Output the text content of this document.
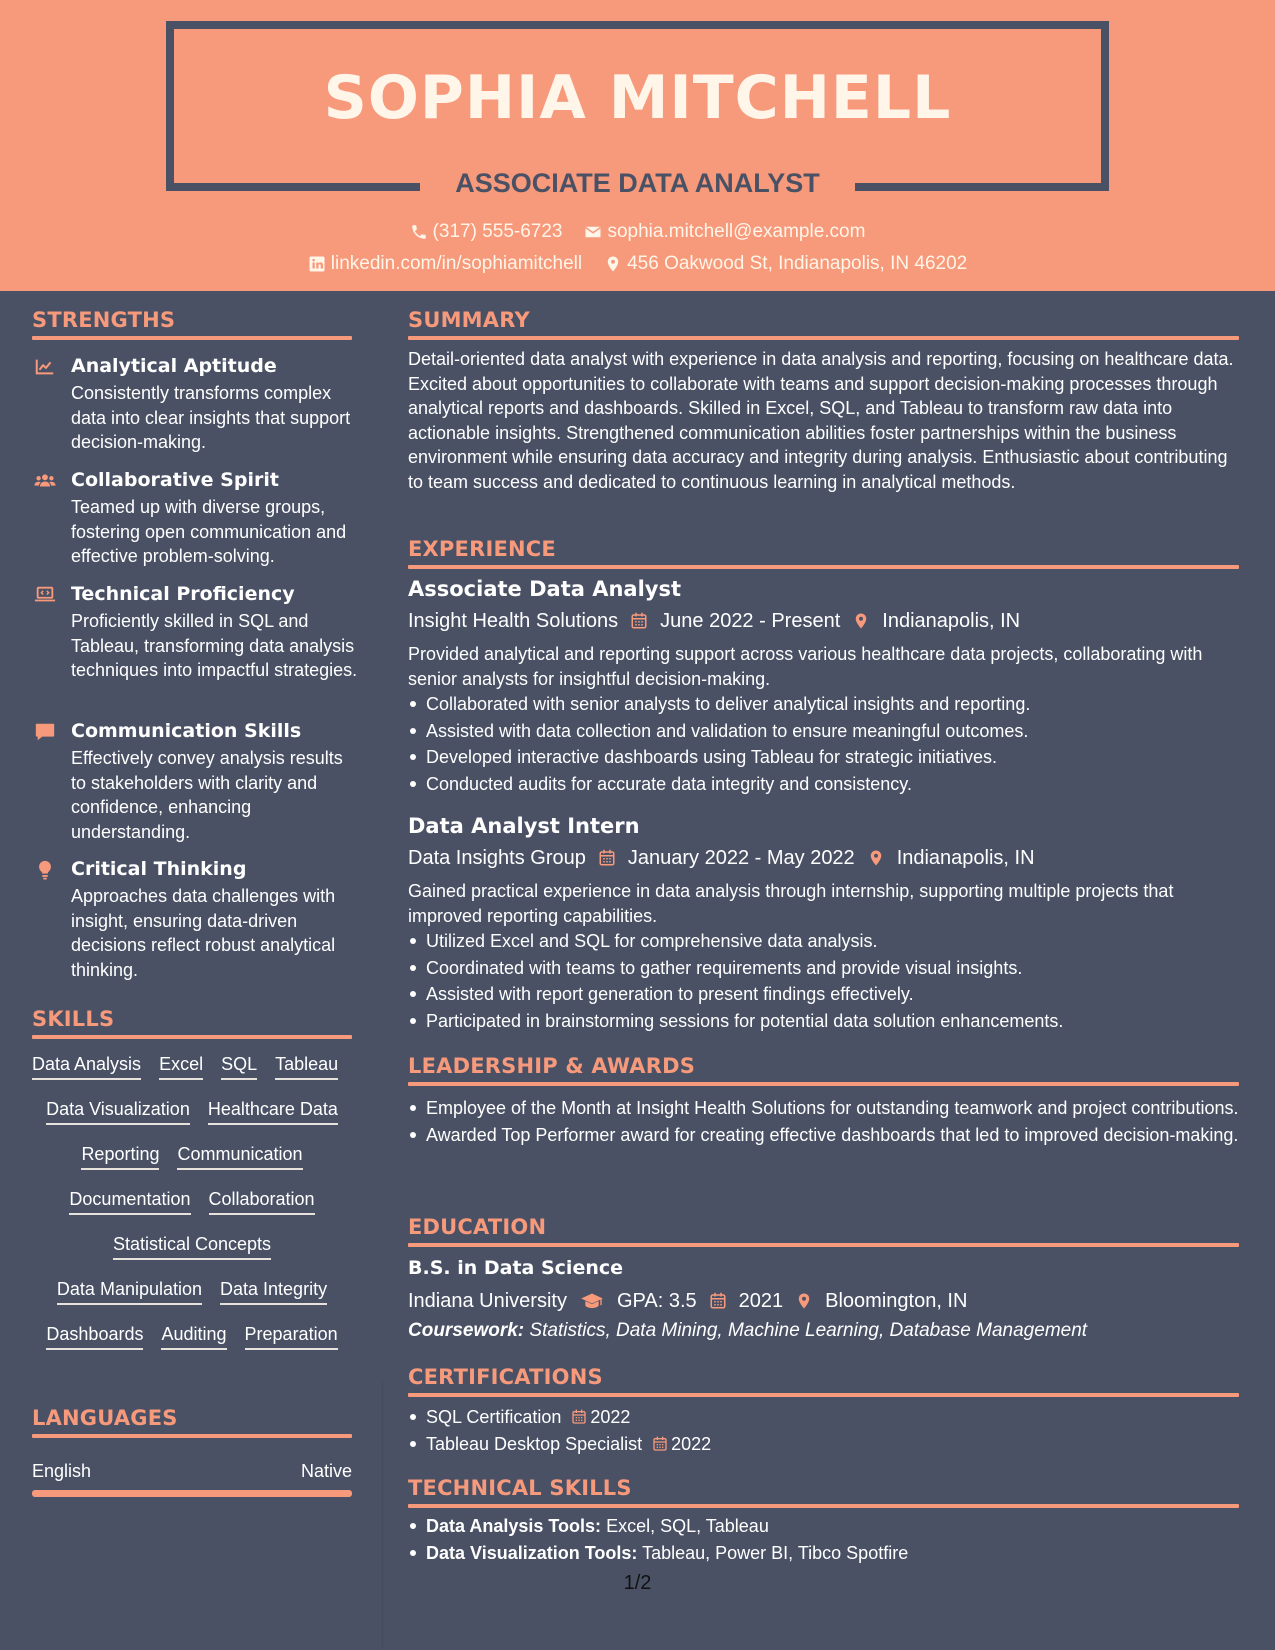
SOPHIA MITCHELL
ASSOCIATE DATA ANALYST
(317) 555-6723 sophia.mitchell@example.com
linkedin.com/in/sophiamitchell 456 Oakwood St, Indianapolis, IN 46202
STRENGTHS
Analytical Aptitude
Consistently transforms complex data into clear insights that support decision-making.
Collaborative Spirit
Teamed up with diverse groups, fostering open communication and effective problem-solving.
Technical Proficiency
Proficiently skilled in SQL and Tableau, transforming data analysis techniques into impactful strategies.
Communication Skills
Effectively convey analysis results to stakeholders with clarity and confidence, enhancing understanding.
Critical Thinking
Approaches data challenges with insight, ensuring data-driven decisions reflect robust analytical thinking.
SKILLS
Data Analysis Excel SQL Tableau
Data Visualization Healthcare Data
Reporting Communication
Documentation Collaboration
Statistical Concepts
Data Manipulation Data Integrity
Dashboards Auditing Preparation
LANGUAGES
English	Native
SUMMARY
Detail-oriented data analyst with experience in data analysis and reporting, focusing on healthcare data. Excited about opportunities to collaborate with teams and support decision-making processes through analytical reports and dashboards. Skilled in Excel, SQL, and Tableau to transform raw data into actionable insights. Strengthened communication abilities foster partnerships within the business environment while ensuring data accuracy and integrity during analysis. Enthusiastic about contributing to team success and dedicated to continuous learning in analytical methods.
EXPERIENCE
Associate Data Analyst
Insight Health Solutions June 2022 - Present Indianapolis, IN
Provided analytical and reporting support across various healthcare data projects, collaborating with senior analysts for insightful decision-making.
Collaborated with senior analysts to deliver analytical insights and reporting.
Assisted with data collection and validation to ensure meaningful outcomes.
Developed interactive dashboards using Tableau for strategic initiatives.
Conducted audits for accurate data integrity and consistency.
Data Analyst Intern
Data Insights Group January 2022 - May 2022 Indianapolis, IN
Gained practical experience in data analysis through internship, supporting multiple projects that improved reporting capabilities.
Utilized Excel and SQL for comprehensive data analysis.
Coordinated with teams to gather requirements and provide visual insights.
Assisted with report generation to present findings effectively.
Participated in brainstorming sessions for potential data solution enhancements.
LEADERSHIP & AWARDS
Employee of the Month at Insight Health Solutions for outstanding teamwork and project contributions.
Awarded Top Performer award for creating effective dashboards that led to improved decision-making.
EDUCATION
B.S. in Data Science
Indiana University	GPA: 3.5 2021 Bloomington, IN
Coursework: Statistics, Data Mining, Machine Learning, Database Management
CERTIFICATIONS
SQL Certification 2022
Tableau Desktop Specialist 2022
TECHNICAL SKILLS
Data Analysis Tools: Excel, SQL, Tableau
Data Visualization Tools: Tableau, Power BI, Tibco Spotfire
1/2
